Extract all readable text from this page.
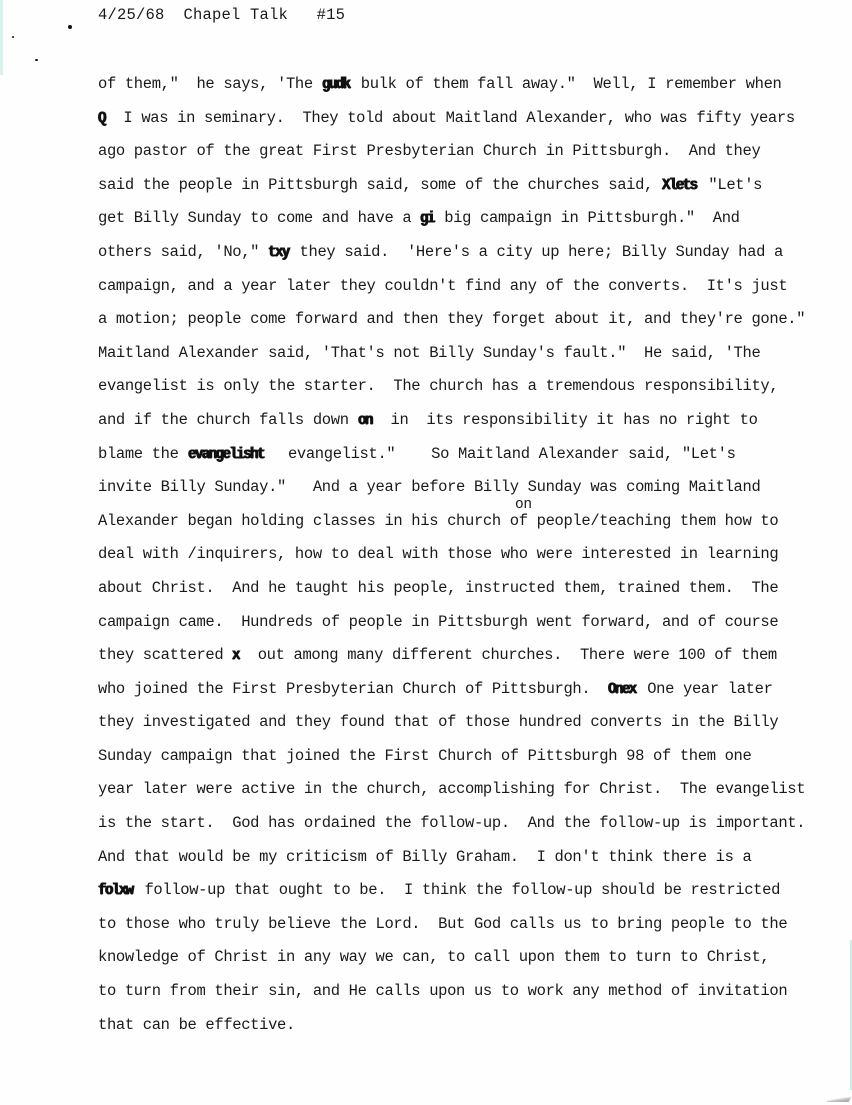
4/25/68 Chapel Talk #15
of them,"  he says, 'The gudk bulk of them fall away."  Well, I remember when
Q  I was in seminary.  They told about Maitland Alexander, who was fifty years
ago pastor of the great First Presbyterian Church in Pittsburgh.  And they
said the people in Pittsburgh said, some of the churches said, Xlets "Let's
get Billy Sunday to come and have a gi big campaign in Pittsburgh."  And
others said, 'No," txy they said.  'Here's a city up here; Billy Sunday had a
campaign, and a year later they couldn't find any of the converts.  It's just
a motion; people come forward and then they forget about it, and they're gone."
Maitland Alexander said, 'That's not Billy Sunday's fault."  He said, 'The
evangelist is only the starter.  The church has a tremendous responsibility,
and if the church falls down on  in  its responsibility it has no right to
blame the evangelisht  evangelist."    So Maitland Alexander said, "Let's
invite Billy Sunday."   And a year before Billy Sunday was coming Maitland
on
Alexander began holding classes in his church of people/teaching them how to
deal with /inquirers, how to deal with those who were interested in learning
about Christ.  And he taught his people, instructed them, trained them.  The
campaign came.  Hundreds of people in Pittsburgh went forward, and of course
they scattered x  out among many different churches.  There were 100 of them
who joined the First Presbyterian Church of Pittsburgh.  Onex One year later
they investigated and they found that of those hundred converts in the Billy
Sunday campaign that joined the First Church of Pittsburgh 98 of them one
year later were active in the church, accomplishing for Christ.  The evangelist
is the start.  God has ordained the follow-up.  And the follow-up is important.
And that would be my criticism of Billy Graham.  I don't think there is a
folxw follow-up that ought to be.  I think the follow-up should be restricted
to those who truly believe the Lord.  But God calls us to bring people to the
knowledge of Christ in any way we can, to call upon them to turn to Christ,
to turn from their sin, and He calls upon us to work any method of invitation
that can be effective.
